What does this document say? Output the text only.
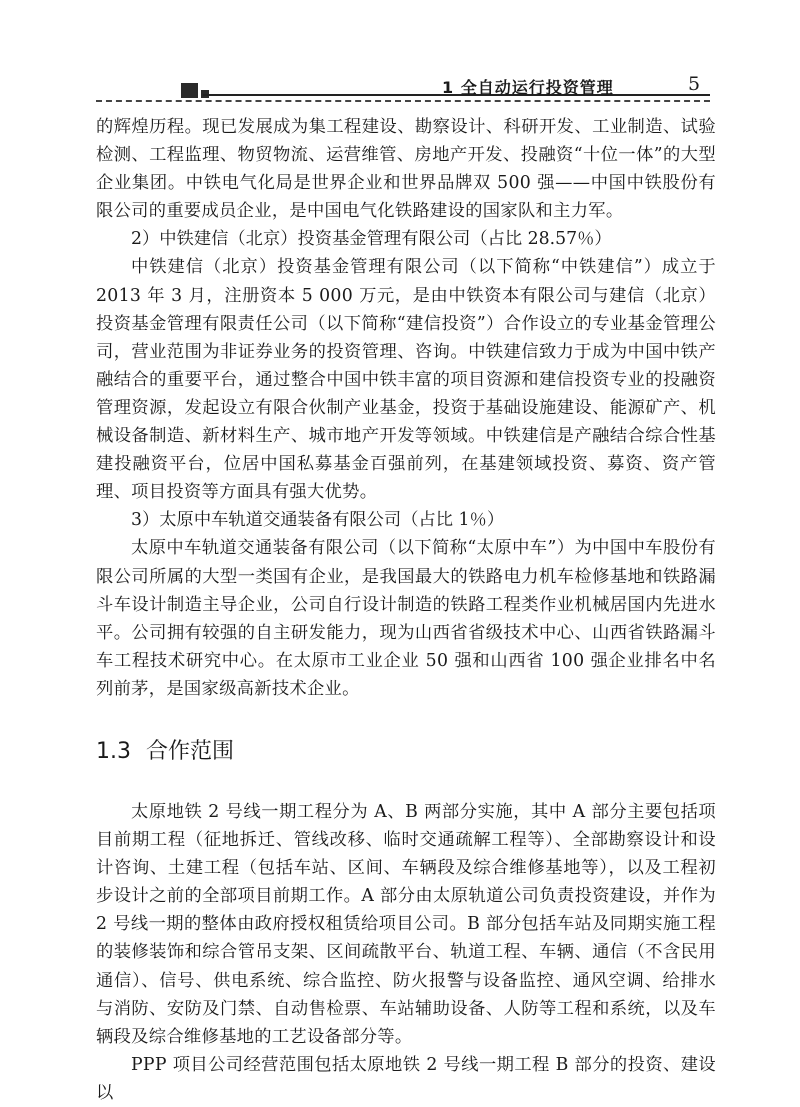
1 全自动运行投资管理	5

的辉煌历程。现已发展成为集工程建设、勘察设计、科研开发、工业制造、试验检测、工程监理、物贸物流、运营维管、房地产开发、投融资“十位一体”的大型企业集团。中铁电气化局是世界企业和世界品牌双 500 强——中国中铁股份有限公司的重要成员企业，是中国电气化铁路建设的国家队和主力军。

2）中铁建信（北京）投资基金管理有限公司（占比 28.57％）

中铁建信（北京）投资基金管理有限公司（以下简称“中铁建信”）成立于 2013 年 3 月，注册资本 5 000 万元，是由中铁资本有限公司与建信（北京）投资基金管理有限责任公司（以下简称“建信投资”）合作设立的专业基金管理公司，营业范围为非证券业务的投资管理、咨询。中铁建信致力于成为中国中铁产融结合的重要平台，通过整合中国中铁丰富的项目资源和建信投资专业的投融资管理资源，发起设立有限合伙制产业基金，投资于基础设施建设、能源矿产、机械设备制造、新材料生产、城市地产开发等领域。中铁建信是产融结合综合性基建投融资平台，位居中国私募基金百强前列，在基建领域投资、募资、资产管理、项目投资等方面具有强大优势。

3）太原中车轨道交通装备有限公司（占比 1％）

太原中车轨道交通装备有限公司（以下简称“太原中车”）为中国中车股份有限公司所属的大型一类国有企业，是我国最大的铁路电力机车检修基地和铁路漏斗车设计制造主导企业，公司自行设计制造的铁路工程类作业机械居国内先进水平。公司拥有较强的自主研发能力，现为山西省省级技术中心、山西省铁路漏斗车工程技术研究中心。在太原市工业企业 50 强和山西省 100 强企业排名中名列前茅，是国家级高新技术企业。

1.3 合作范围

太原地铁 2 号线一期工程分为 A、B 两部分实施，其中 A 部分主要包括项目前期工程（征地拆迁、管线改移、临时交通疏解工程等）、全部勘察设计和设计咨询、土建工程（包括车站、区间、车辆段及综合维修基地等），以及工程初步设计之前的全部项目前期工作。A 部分由太原轨道公司负责投资建设，并作为 2 号线一期的整体由政府授权租赁给项目公司。B 部分包括车站及同期实施工程的装修装饰和综合管吊支架、区间疏散平台、轨道工程、车辆、通信（不含民用通信）、信号、供电系统、综合监控、防火报警与设备监控、通风空调、给排水与消防、安防及门禁、自动售检票、车站辅助设备、人防等工程和系统，以及车辆段及综合维修基地的工艺设备部分等。

PPP 项目公司经营范围包括太原地铁 2 号线一期工程 B 部分的投资、建设以
